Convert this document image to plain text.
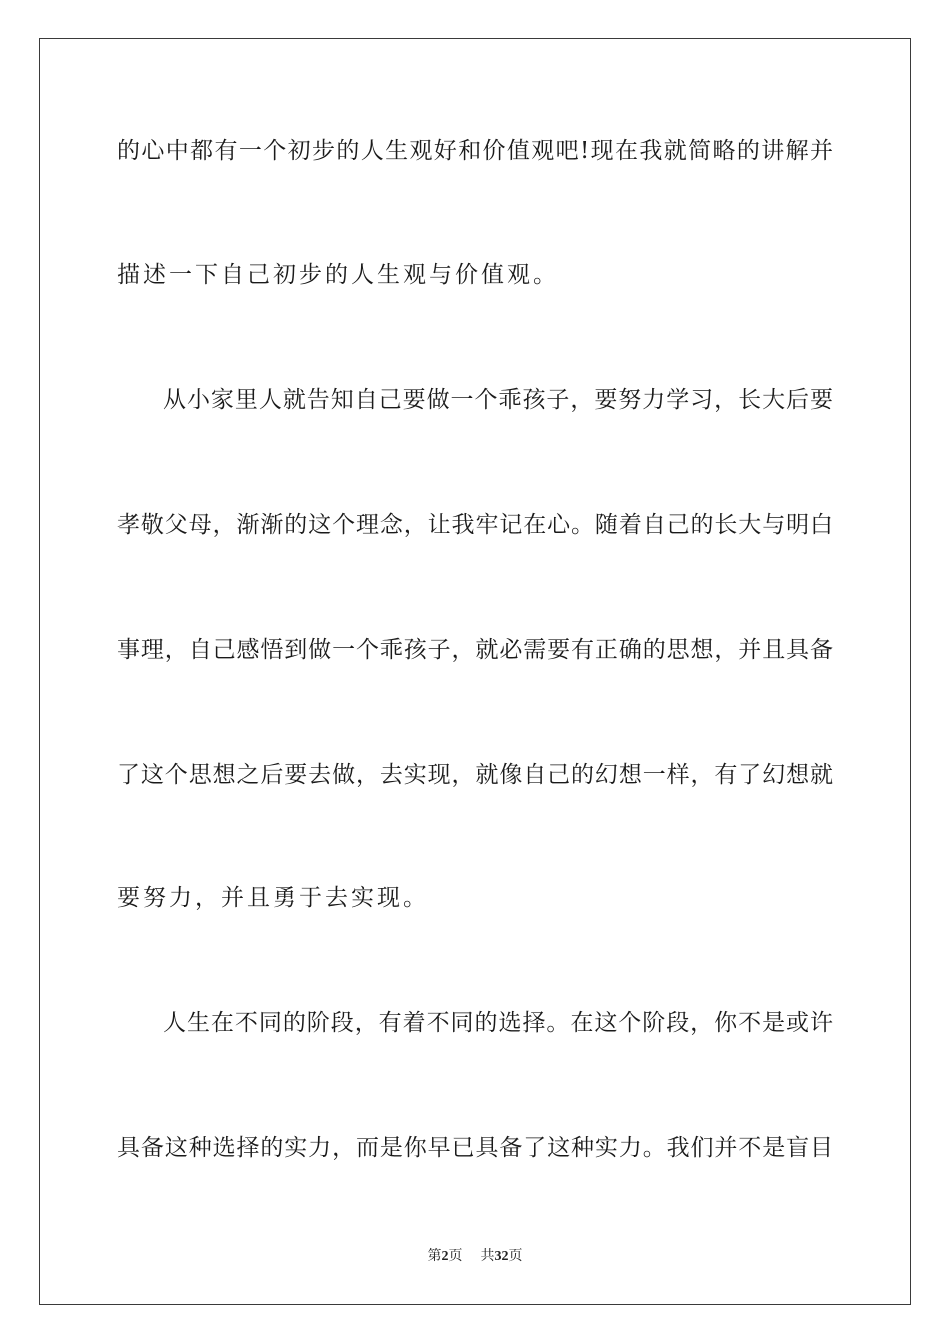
的心中都有一个初步的人生观好和价值观吧!现在我就简略的讲解并
描述一下自己初步的人生观与价值观。
从小家里人就告知自己要做一个乖孩子，要努力学习，长大后要
孝敬父母，渐渐的这个理念，让我牢记在心。随着自己的长大与明白
事理，自己感悟到做一个乖孩子，就必需要有正确的思想，并且具备
了这个思想之后要去做，去实现，就像自己的幻想一样，有了幻想就
要努力，并且勇于去实现。
人生在不同的阶段，有着不同的选择。在这个阶段，你不是或许
具备这种选择的实力，而是你早已具备了这种实力。我们并不是盲目
第2页 共32页
